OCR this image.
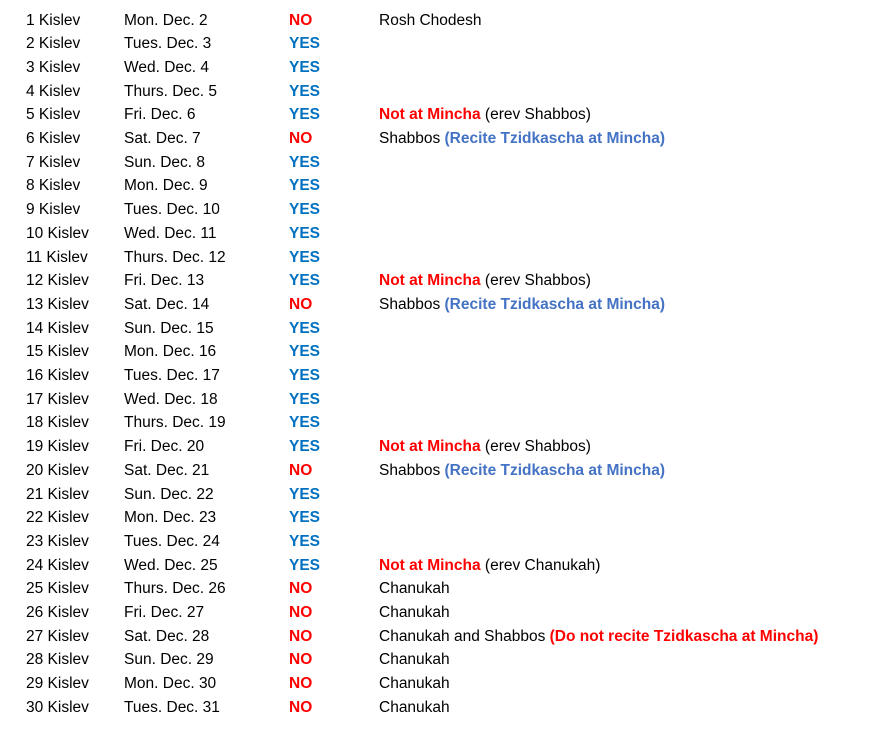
1 Kislev	Mon. Dec. 2	NO	Rosh Chodesh
2 Kislev	Tues. Dec. 3	YES
3 Kislev	Wed. Dec. 4	YES
4 Kislev	Thurs. Dec. 5	YES
5 Kislev	Fri. Dec. 6	YES	Not at Mincha (erev Shabbos)
6 Kislev	Sat. Dec. 7	NO	Shabbos (Recite Tzidkascha at Mincha)
7 Kislev	Sun. Dec. 8	YES
8 Kislev	Mon. Dec. 9	YES
9 Kislev	Tues. Dec. 10	YES
10 Kislev Wed. Dec. 11	YES
11 Kislev Thurs. Dec. 12	YES
12 Kislev Fri. Dec. 13	YES	Not at Mincha (erev Shabbos)
13 Kislev Sat. Dec. 14	NO	Shabbos (Recite Tzidkascha at Mincha)
14 Kislev Sun. Dec. 15	YES
15 Kislev Mon. Dec. 16	YES
16 Kislev Tues. Dec. 17	YES
17 Kislev Wed. Dec. 18	YES
18 Kislev Thurs. Dec. 19	YES
19 Kislev Fri. Dec. 20	YES	Not at Mincha (erev Shabbos)
20 Kislev Sat. Dec. 21	NO	Shabbos (Recite Tzidkascha at Mincha)
21 Kislev Sun. Dec. 22	YES
22 Kislev Mon. Dec. 23	YES
23 Kislev Tues. Dec. 24	YES
24 Kislev Wed. Dec. 25	YES	Not at Mincha (erev Chanukah)
25 Kislev Thurs. Dec. 26	NO	Chanukah
26 Kislev Fri. Dec. 27	NO	Chanukah
27 Kislev Sat. Dec. 28	NO	Chanukah and Shabbos (Do not recite Tzidkascha at Mincha)
28 Kislev Sun. Dec. 29	NO	Chanukah
29 Kislev Mon. Dec. 30	NO	Chanukah
30 Kislev Tues. Dec. 31	NO	Chanukah
